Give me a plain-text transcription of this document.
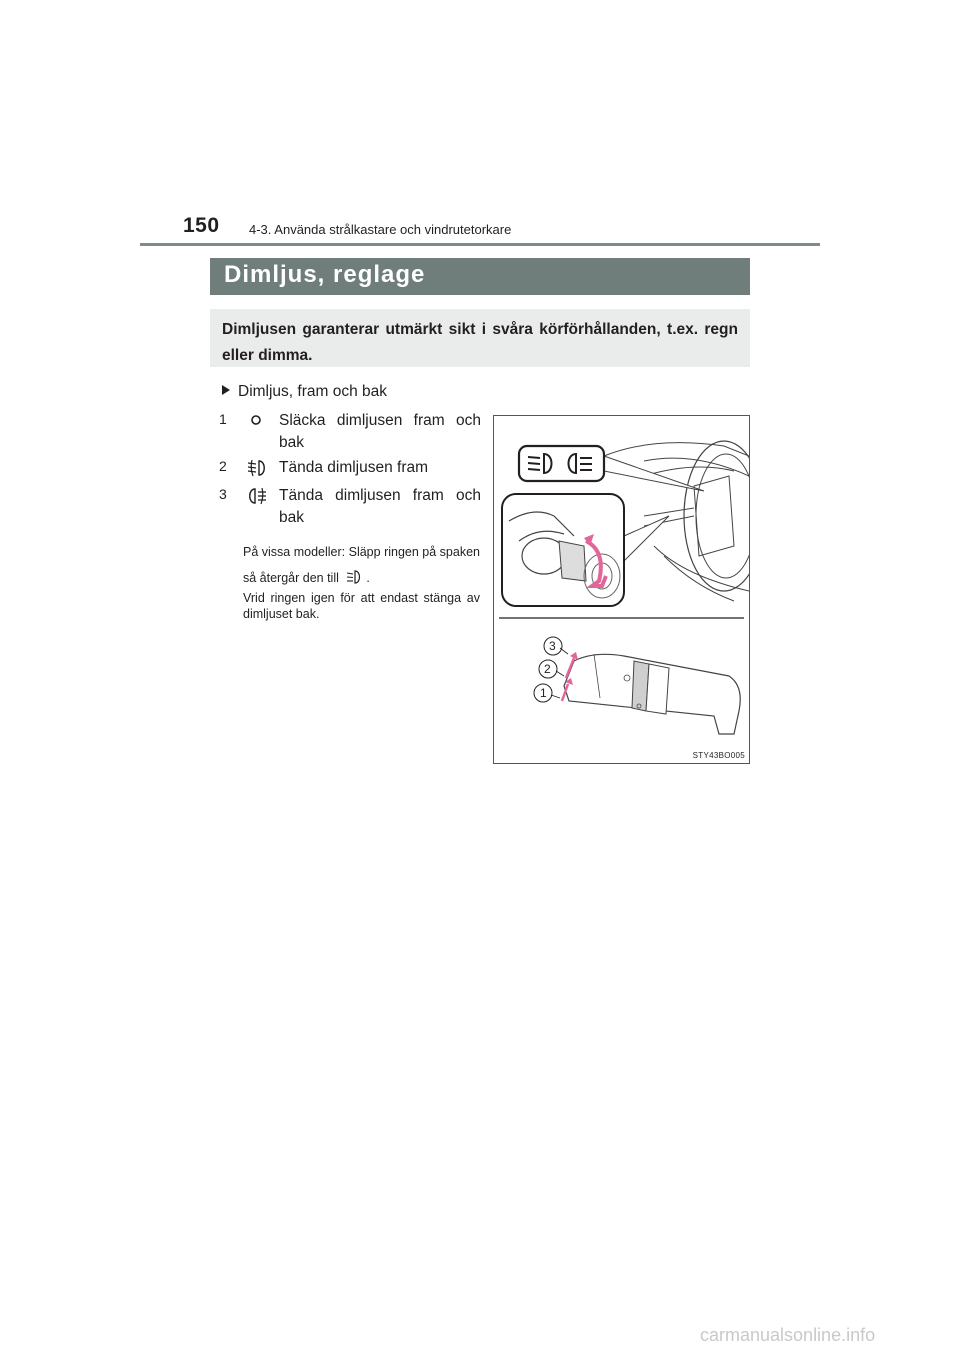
150 4-3. Använda strålkastare och vindrutetorkare
Dimljus, reglage
Dimljusen garanterar utmärkt sikt i svåra körförhållanden, t.ex. regn eller dimma.
Dimljus, fram och bak
1	Släcka dimljusen fram och bak
2	Tända dimljusen fram
3	Tända dimljusen fram och bak
På vissa modeller: Släpp ringen på spaken så återgår den till .
Vrid ringen igen för att endast stänga av dimljuset bak.
3
2
1
STY43BO005
carmanualsonline.info
